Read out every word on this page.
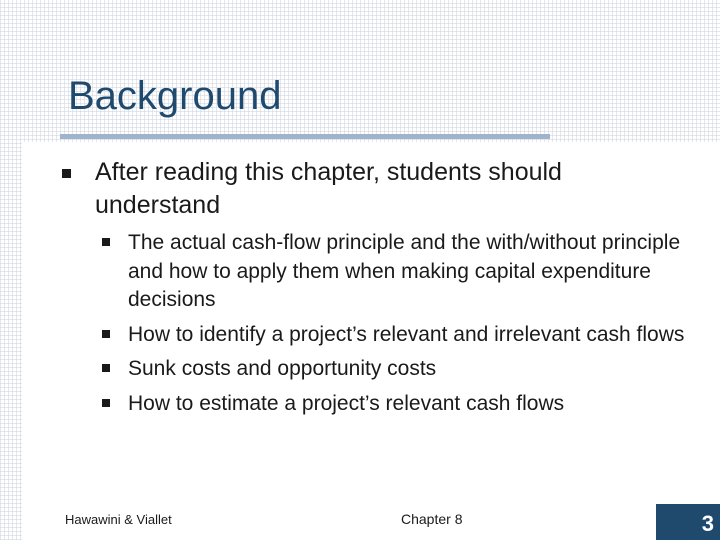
Background
After reading this chapter, students should understand
The actual cash-flow principle and the with/without principle and how to apply them when making capital expenditure decisions
How to identify a project’s relevant and irrelevant cash flows
Sunk costs and opportunity costs
How to estimate a project’s relevant cash flows
Hawawini & Viallet	Chapter 8	3
